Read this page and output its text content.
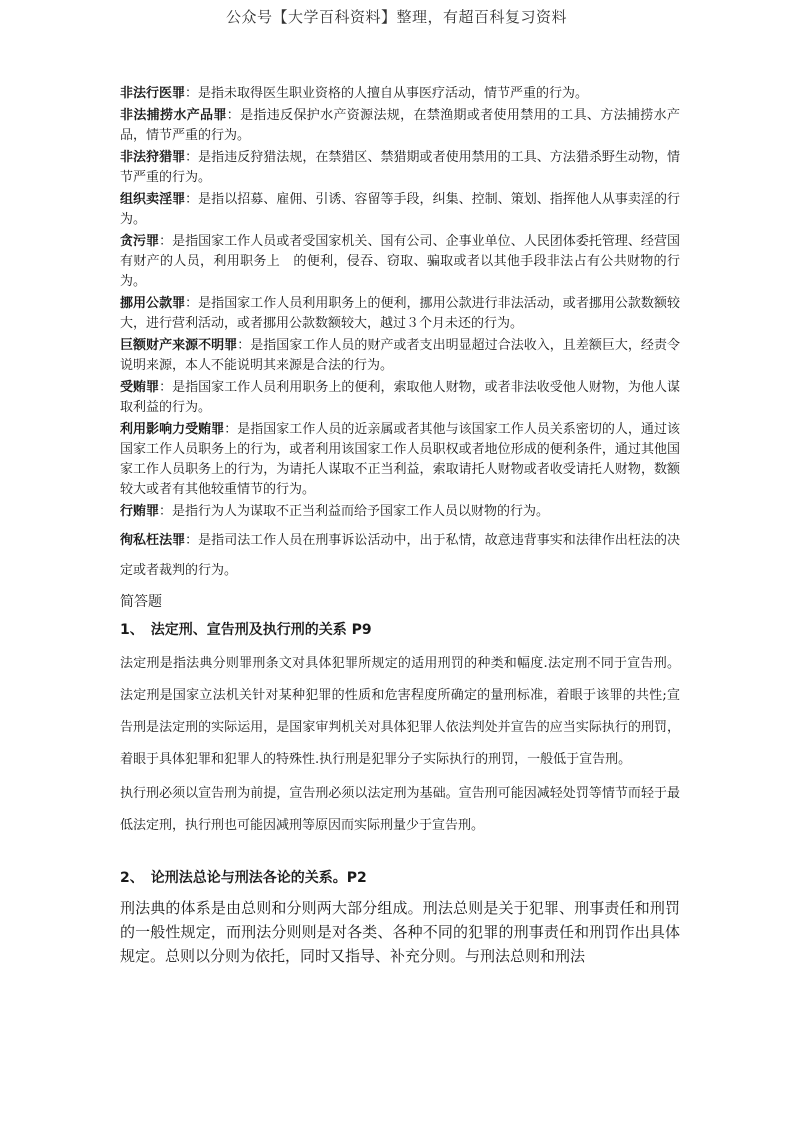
公众号【大学百科资料】整理，有超百科复习资料

非法行医罪：是指未取得医生职业资格的人擅自从事医疗活动，情节严重的行为。

非法捕捞水产品罪：是指违反保护水产资源法规，在禁渔期或者使用禁用的工具、方法捕捞水产品，情节严重的行为。

非法狩猎罪：是指违反狩猎法规，在禁猎区、禁猎期或者使用禁用的工具、方法猎杀野生动物，情节严重的行为。

组织卖淫罪：是指以招募、雇佣、引诱、容留等手段，纠集、控制、策划、指挥他人从事卖淫的行为。

贪污罪：是指国家工作人员或者受国家机关、国有公司、企事业单位、人民团体委托管理、经营国有财产的人员，利用职务上　的便利，侵吞、窃取、骗取或者以其他手段非法占有公共财物的行为。

挪用公款罪：是指国家工作人员利用职务上的便利，挪用公款进行非法活动，或者挪用公款数额较大，进行营利活动，或者挪用公款数额较大，越过３个月未还的行为。

巨额财产来源不明罪：是指国家工作人员的财产或者支出明显超过合法收入，且差额巨大，经责令说明来源，本人不能说明其来源是合法的行为。

受贿罪：是指国家工作人员利用职务上的便利，索取他人财物，或者非法收受他人财物，为他人谋取利益的行为。

利用影响力受贿罪：是指国家工作人员的近亲属或者其他与该国家工作人员关系密切的人，通过该国家工作人员职务上的行为，或者利用该国家工作人员职权或者地位形成的便利条件，通过其他国家工作人员职务上的行为，为请托人谋取不正当利益，索取请托人财物或者收受请托人财物，数额较大或者有其他较重情节的行为。

行贿罪：是指行为人为谋取不正当利益而给予国家工作人员以财物的行为。

徇私枉法罪：是指司法工作人员在刑事诉讼活动中，出于私情，故意违背事实和法律作出枉法的决定或者裁判的行为。

简答题
1、　法定刑、宣告刑及执行刑的关系 P9

法定刑是指法典分则罪刑条文对具体犯罪所规定的适用刑罚的种类和幅度.法定刑不同于宣告刑。法定刑是国家立法机关针对某种犯罪的性质和危害程度所确定的量刑标准，着眼于该罪的共性;宣告刑是法定刑的实际运用，是国家审判机关对具体犯罪人依法判处并宣告的应当实际执行的刑罚，着眼于具体犯罪和犯罪人的特殊性.执行刑是犯罪分子实际执行的刑罚，一般低于宣告刑。

执行刑必须以宣告刑为前提，宣告刑必须以法定刑为基础。宣告刑可能因减轻处罚等情节而轻于最低法定刑，执行刑也可能因减刑等原因而实际刑量少于宣告刑。

2、　论刑法总论与刑法各论的关系。P2

刑法典的体系是由总则和分则两大部分组成。刑法总则是关于犯罪、刑事责任和刑罚的一般性规定，而刑法分则则是对各类、各种不同的犯罪的刑事责任和刑罚作出具体规定。总则以分则为依托，同时又指导、补充分则。与刑法总则和刑法
